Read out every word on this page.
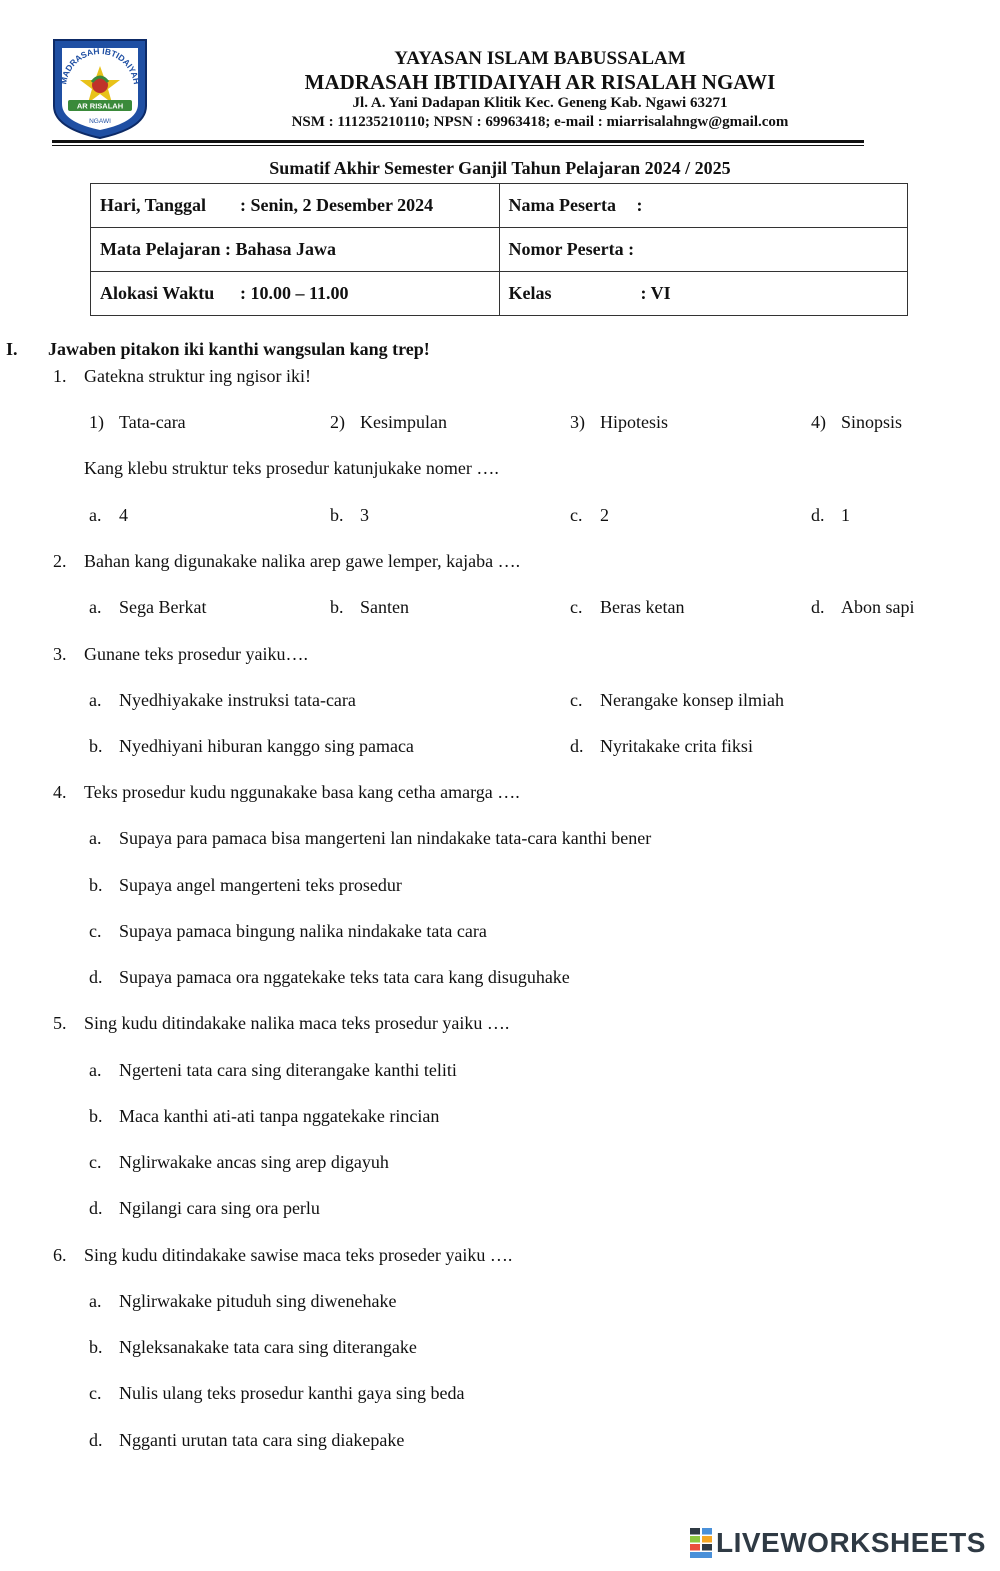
MADRASAH IBTIDAIYAH
AR RISALAH
NGAWI
YAYASAN ISLAM BABUSSALAM
MADRASAH IBTIDAIYAH AR RISALAH NGAWI
Jl. A. Yani Dadapan Klitik Kec. Geneng Kab. Ngawi 63271
NSM : 111235210110; NPSN : 69963418; e-mail : miarrisalahngw@gmail.com
Sumatif Akhir Semester Ganjil Tahun Pelajaran 2024 / 2025
Hari, Tanggal : Senin, 2 Desember 2024	Nama Peserta :
Mata Pelajaran : Bahasa Jawa	Nomor Peserta :
Alokasi Waktu : 10.00 – 11.00	Kelas : VI
I. Jawaben pitakon iki kanthi wangsulan kang trep!
1. Gatekna struktur ing ngisor iki!
1) Tata-cara	2) Kesimpulan	3) Hipotesis	4) Sinopsis
Kang klebu struktur teks prosedur katunjukake nomer ….
a. 4	b. 3	c. 2	d. 1
2. Bahan kang digunakake nalika arep gawe lemper, kajaba ….
a. Sega Berkat	b. Santen	c. Beras ketan	d. Abon sapi
3. Gunane teks prosedur yaiku….
a. Nyedhiyakake instruksi tata-cara	c. Nerangake konsep ilmiah
b. Nyedhiyani hiburan kanggo sing pamaca	d. Nyritakake crita fiksi
4. Teks prosedur kudu nggunakake basa kang cetha amarga ….
a. Supaya para pamaca bisa mangerteni lan nindakake tata-cara kanthi bener
b. Supaya angel mangerteni teks prosedur
c. Supaya pamaca bingung nalika nindakake tata cara
d. Supaya pamaca ora nggatekake teks tata cara kang disuguhake
5. Sing kudu ditindakake nalika maca teks prosedur yaiku ….
a. Ngerteni tata cara sing diterangake kanthi teliti
b. Maca kanthi ati-ati tanpa nggatekake rincian
c. Nglirwakake ancas sing arep digayuh
d. Ngilangi cara sing ora perlu
6. Sing kudu ditindakake sawise maca teks proseder yaiku ….
a. Nglirwakake pituduh sing diwenehake
b. Ngleksanakake tata cara sing diterangake
c. Nulis ulang teks prosedur kanthi gaya sing beda
d. Ngganti urutan tata cara sing diakepake
LIVEWORKSHEETS
